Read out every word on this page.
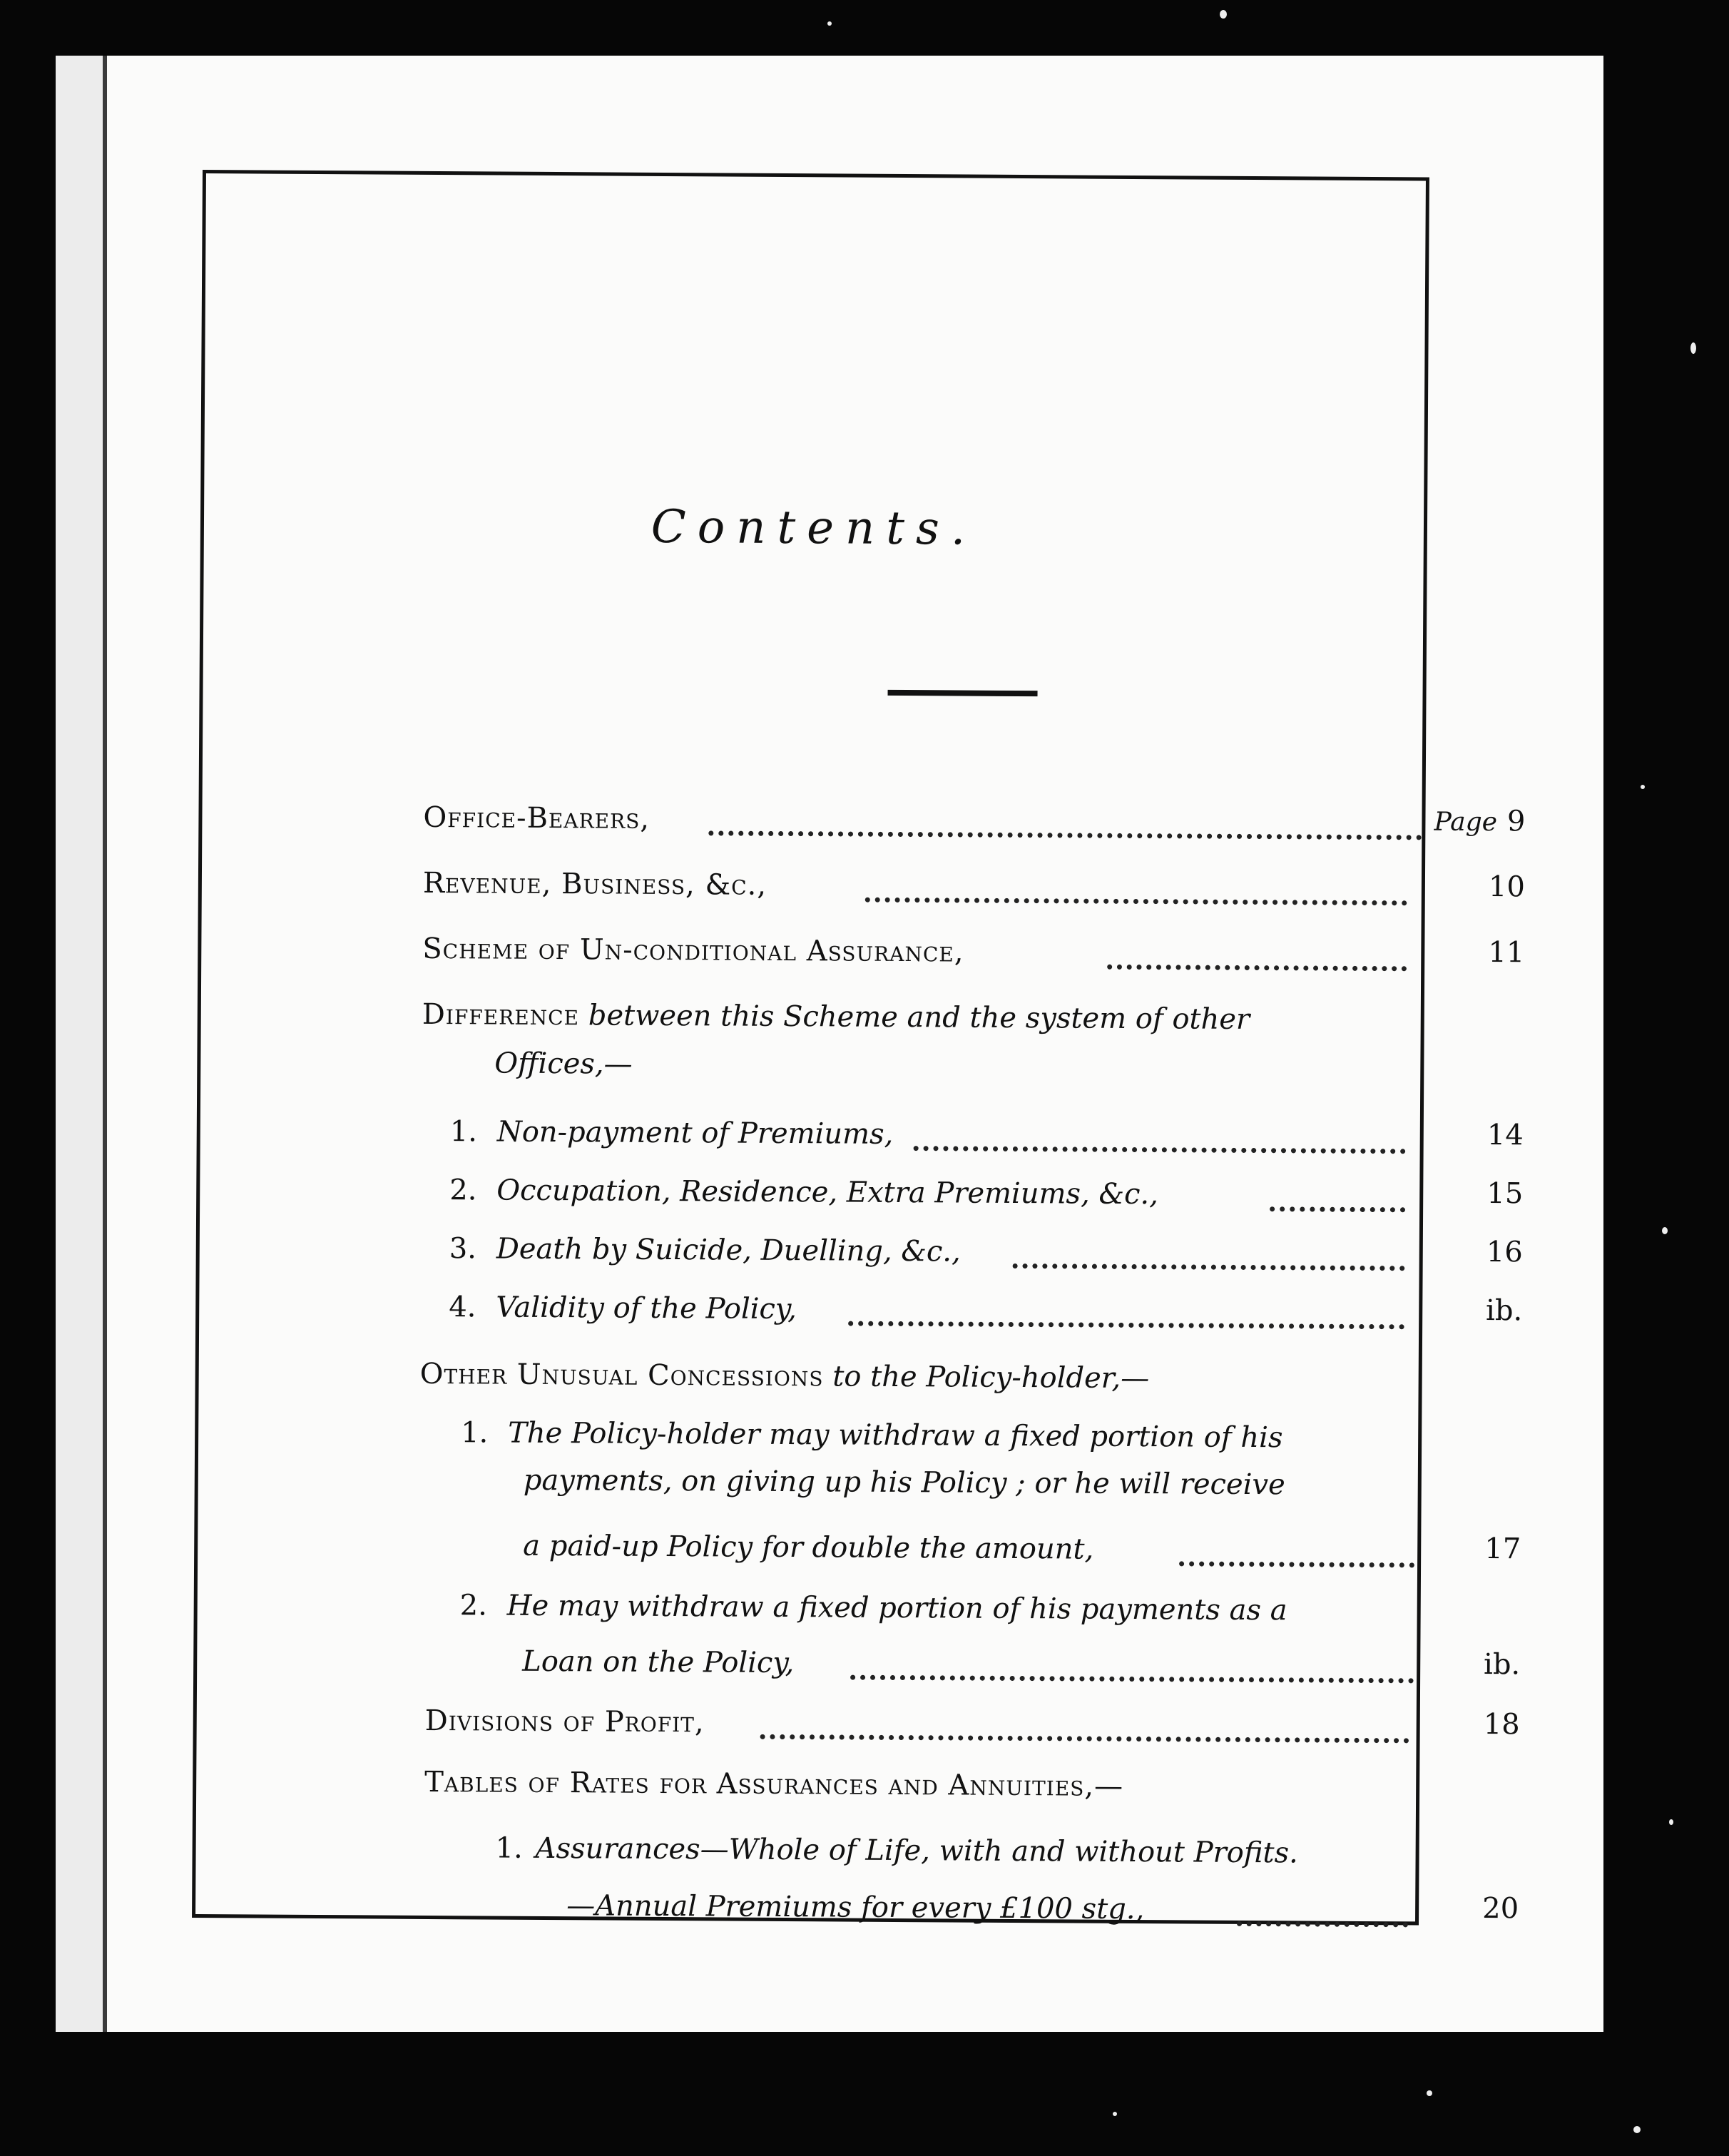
Contents.
Office-Bearers,	Page 9
Revenue, Business, &c.,	10
Scheme of Un-conditional Assurance,	11
Difference between this Scheme and the system of other
Offices,—
1. Non-payment of Premiums,	14
2. Occupation, Residence, Extra Premiums, &c.,	15
3. Death by Suicide, Duelling, &c.,	16
4. Validity of the Policy,	ib.
Other Unusual Concessions to the Policy-holder,—
1. The Policy-holder may withdraw a fixed portion of his
payments, on giving up his Policy ; or he will receive
a paid-up Policy for double the amount,	17
2. He may withdraw a fixed portion of his payments as a
Loan on the Policy,	ib.
Divisions of Profit,	18
Tables of Rates for Assurances and Annuities,—
1. Assurances—Whole of Life, with and without Profits.
—Annual Premiums for every £100 stg.,	20
